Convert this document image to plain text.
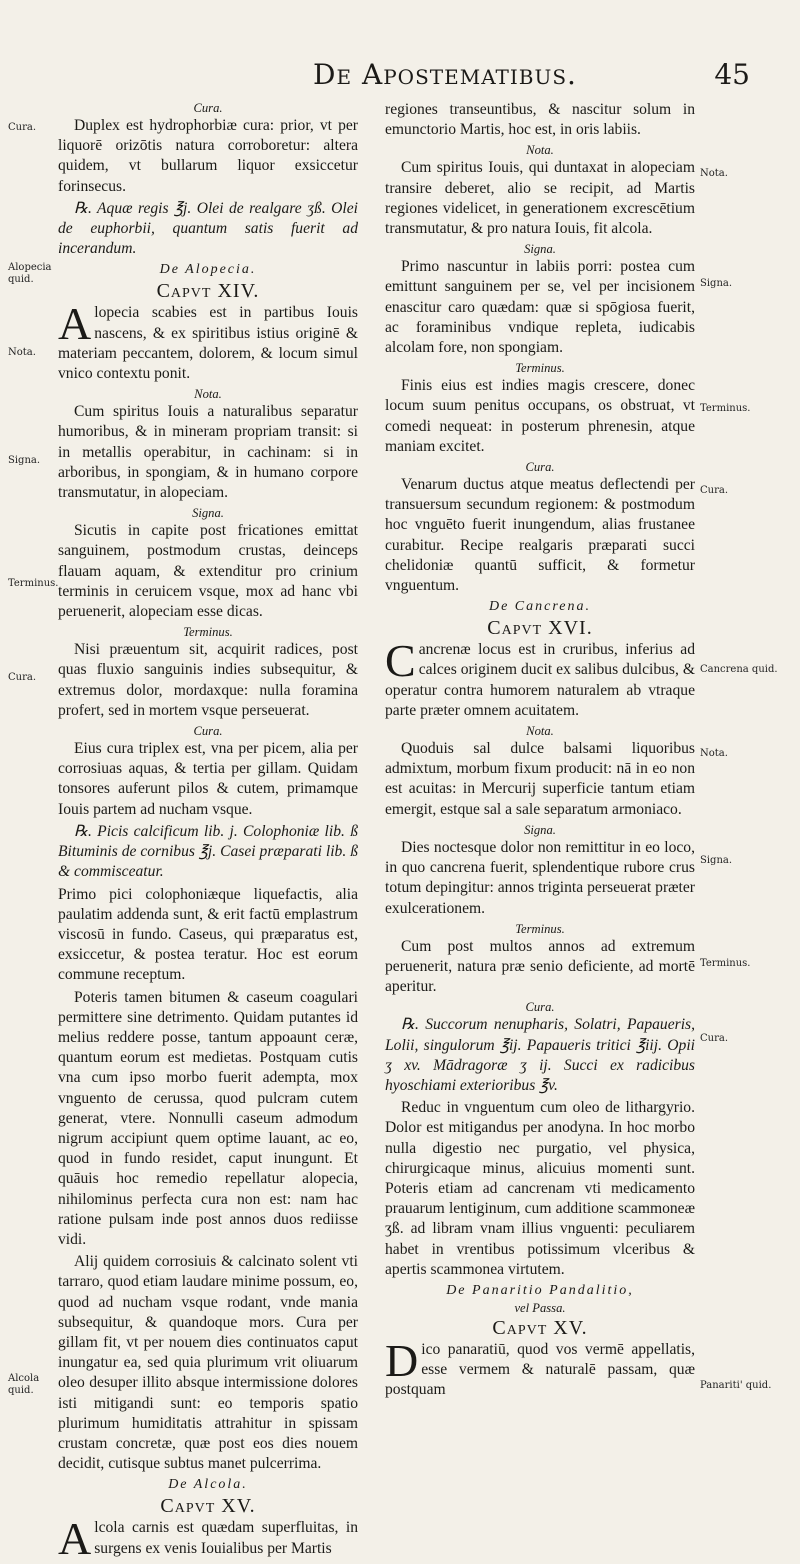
De Apostematibus.	45
Cura.
Alopecia quid.
Nota.
Signa.
Terminus.
Cura.
Alcola quid.
Nota.
Signa.
Terminus.
Cura.
Cancrena quid.
Nota.
Signa.
Terminus.
Cura.
Panariti' quid.
Cura.

Duplex est hydrophorbiæ cura: prior, vt per liquorē orizōtis natura corroboretur: altera quidem, vt bullarum liquor exsiccetur forinsecus.

℞. Aquæ regis ℥j. Olei de realgare ʒß. Olei de euphorbii, quantum satis fuerit ad incerandum.

De Alopecia.
Capvt XIV.

Alopecia scabies est in partibus Iouis nascens, & ex spiritibus istius originē & materiam peccantem, dolorem, & locum simul vnico contextu ponit.

Nota.

Cum spiritus Iouis a naturalibus separatur humoribus, & in mineram propriam transit: si in metallis operabitur, in cachinam: si in arboribus, in spongiam, & in humano corpore transmutatur, in alopeciam.

Signa.

Sicutis in capite post fricationes emittat sanguinem, postmodum crustas, deinceps flauam aquam, & extenditur pro crinium terminis in ceruicem vsque, mox ad hanc vbi peruenerit, alopeciam esse dicas.

Terminus.

Nisi præuentum sit, acquirit radices, post quas fluxio sanguinis indies subsequitur, & extremus dolor, mordaxque: nulla foramina profert, sed in mortem vsque perseuerat.

Cura.

Eius cura triplex est, vna per picem, alia per corrosiuas aquas, & tertia per gillam. Quidam tonsores auferunt pilos & cutem, primamque Iouis partem ad nucham vsque.

℞. Picis calcificum lib. j. Colophoniæ lib. ß Bituminis de cornibus ℥j. Casei præparati lib. ß & commisceatur.

Primo pici colophoniæque liquefactis, alia paulatim addenda sunt, & erit factū emplastrum viscosū in fundo. Caseus, qui præparatus est, exsiccetur, & postea teratur. Hoc est eorum commune receptum.

Poteris tamen bitumen & caseum coagulari permittere sine detrimento. Quidam putantes id melius reddere posse, tantum appoaunt ceræ, quantum eorum est medietas. Postquam cutis vna cum ipso morbo fuerit adempta, mox vnguento de cerussa, quod pulcram cutem generat, vtere. Nonnulli caseum admodum nigrum accipiunt quem optime lauant, ac eo, quod in fundo residet, caput inungunt. Et quāuis hoc remedio repellatur alopecia, nihilominus perfecta cura non est: nam hac ratione pulsam inde post annos duos rediisse vidi.

Alij quidem corrosiuis & calcinato solent vti tarraro, quod etiam laudare minime possum, eo, quod ad nucham vsque rodant, vnde mania subsequitur, & quandoque mors. Cura per gillam fit, vt per nouem dies continuatos caput inungatur ea, sed quia plurimum vrit oliuarum oleo desuper illito absque intermissione dolores isti mitigandi sunt: eo temporis spatio plurimum humiditatis attrahitur in spissam crustam concretæ, quæ post eos dies nouem decidit, cutisque subtus manet pulcerrima.

De Alcola.
Capvt XV.

Alcola carnis est quædam superfluitas, in surgens ex venis Iouialibus per Martis

regiones transeuntibus, & nascitur solum in emunctorio Martis, hoc est, in oris labiis.

Nota.

Cum spiritus Iouis, qui duntaxat in alopeciam transire deberet, alio se recipit, ad Martis regiones videlicet, in generationem excrescētium transmutatur, & pro natura Iouis, fit alcola.

Signa.

Primo nascuntur in labiis porri: postea cum emittunt sanguinem per se, vel per incisionem enascitur caro quædam: quæ si spōgiosa fuerit, ac foraminibus vndique repleta, iudicabis alcolam fore, non spongiam.

Terminus.

Finis eius est indies magis crescere, donec locum suum penitus occupans, os obstruat, vt comedi nequeat: in posterum phrenesin, atque maniam excitet.

Cura.

Venarum ductus atque meatus deflectendi per transuersum secundum regionem: & postmodum hoc vnguēto fuerit inungendum, alias frustanee curabitur. Recipe realgaris præparati succi chelidoniæ quantū sufficit, & formetur vnguentum.

De Cancrena.
Capvt XVI.

Cancrenæ locus est in cruribus, inferius ad calces originem ducit ex salibus dulcibus, & operatur contra humorem naturalem ab vtraque parte præter omnem acuitatem.

Nota.

Quoduis sal dulce balsami liquoribus admixtum, morbum fixum producit: nā in eo non est acuitas: in Mercurij superficie tantum etiam emergit, estque sal a sale separatum armoniaco.

Signa.

Dies noctesque dolor non remittitur in eo loco, in quo cancrena fuerit, splendentique rubore crus totum depingitur: annos triginta perseuerat præter exulcerationem.

Terminus.

Cum post multos annos ad extremum peruenerit, natura præ senio deficiente, ad mortē aperitur.

Cura.

℞. Succorum nenupharis, Solatri, Papaueris, Lolii, singulorum ℥ij. Papaueris tritici ℥iij. Opii ʒ xv. Mādragoræ ʒ ij. Succi ex radicibus hyoschiami exterioribus ℥v.

Reduc in vnguentum cum oleo de lithargyrio. Dolor est mitigandus per anodyna. In hoc morbo nulla digestio nec purgatio, vel physica, chirurgicaque minus, alicuius momenti sunt. Poteris etiam ad cancrenam vti medicamento prauarum lentiginum, cum additione scammoneæ ʒß. ad libram vnam illius vnguenti: peculiarem habet in vrentibus potissimum vlceribus & apertis scammonea virtutem.

De Panaritio Pandalitio,
vel Passa.
Capvt XV.

Dico panaratiū, quod vos vermē appellatis, esse vermem & naturalē passam, quæ postquam
